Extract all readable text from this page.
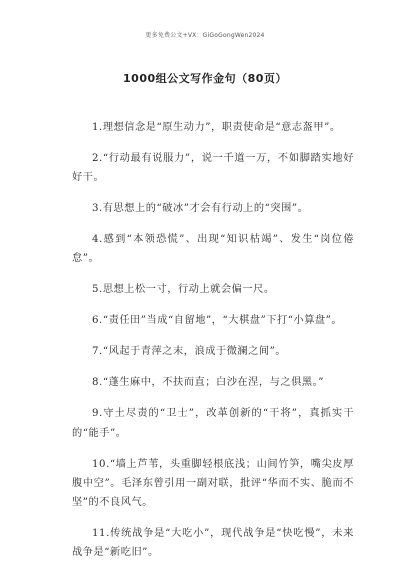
更多免费公文+VX：GiGoGongWen2024
1000组公文写作金句（80页）

1.理想信念是“原生动力”，职责使命是“意志盔甲”。

2.“行动最有说服力”，说一千道一万，不如脚踏实地好好干。

3.有思想上的“破冰”才会有行动上的“突围”。

4.感到“本领恐慌”、出现“知识枯竭”、发生“岗位倦怠”。

5.思想上松一寸，行动上就会偏一尺。

6.“责任田”当成“自留地”，“大棋盘”下打“小算盘”。

7.“风起于青萍之末，浪成于微澜之间”。

8.“蓬生麻中，不扶而直；白沙在涅，与之俱黑。”

9.守土尽责的“卫士”，改革创新的“干将”，真抓实干的“能手”。

10.“墙上芦苇，头重脚轻根底浅；山间竹笋，嘴尖皮厚腹中空”。毛泽东曾引用一副对联，批评“华而不实、脆而不坚”的不良风气。

11.传统战争是“大吃小”，现代战争是“快吃慢”，未来战争是“新吃旧”。
